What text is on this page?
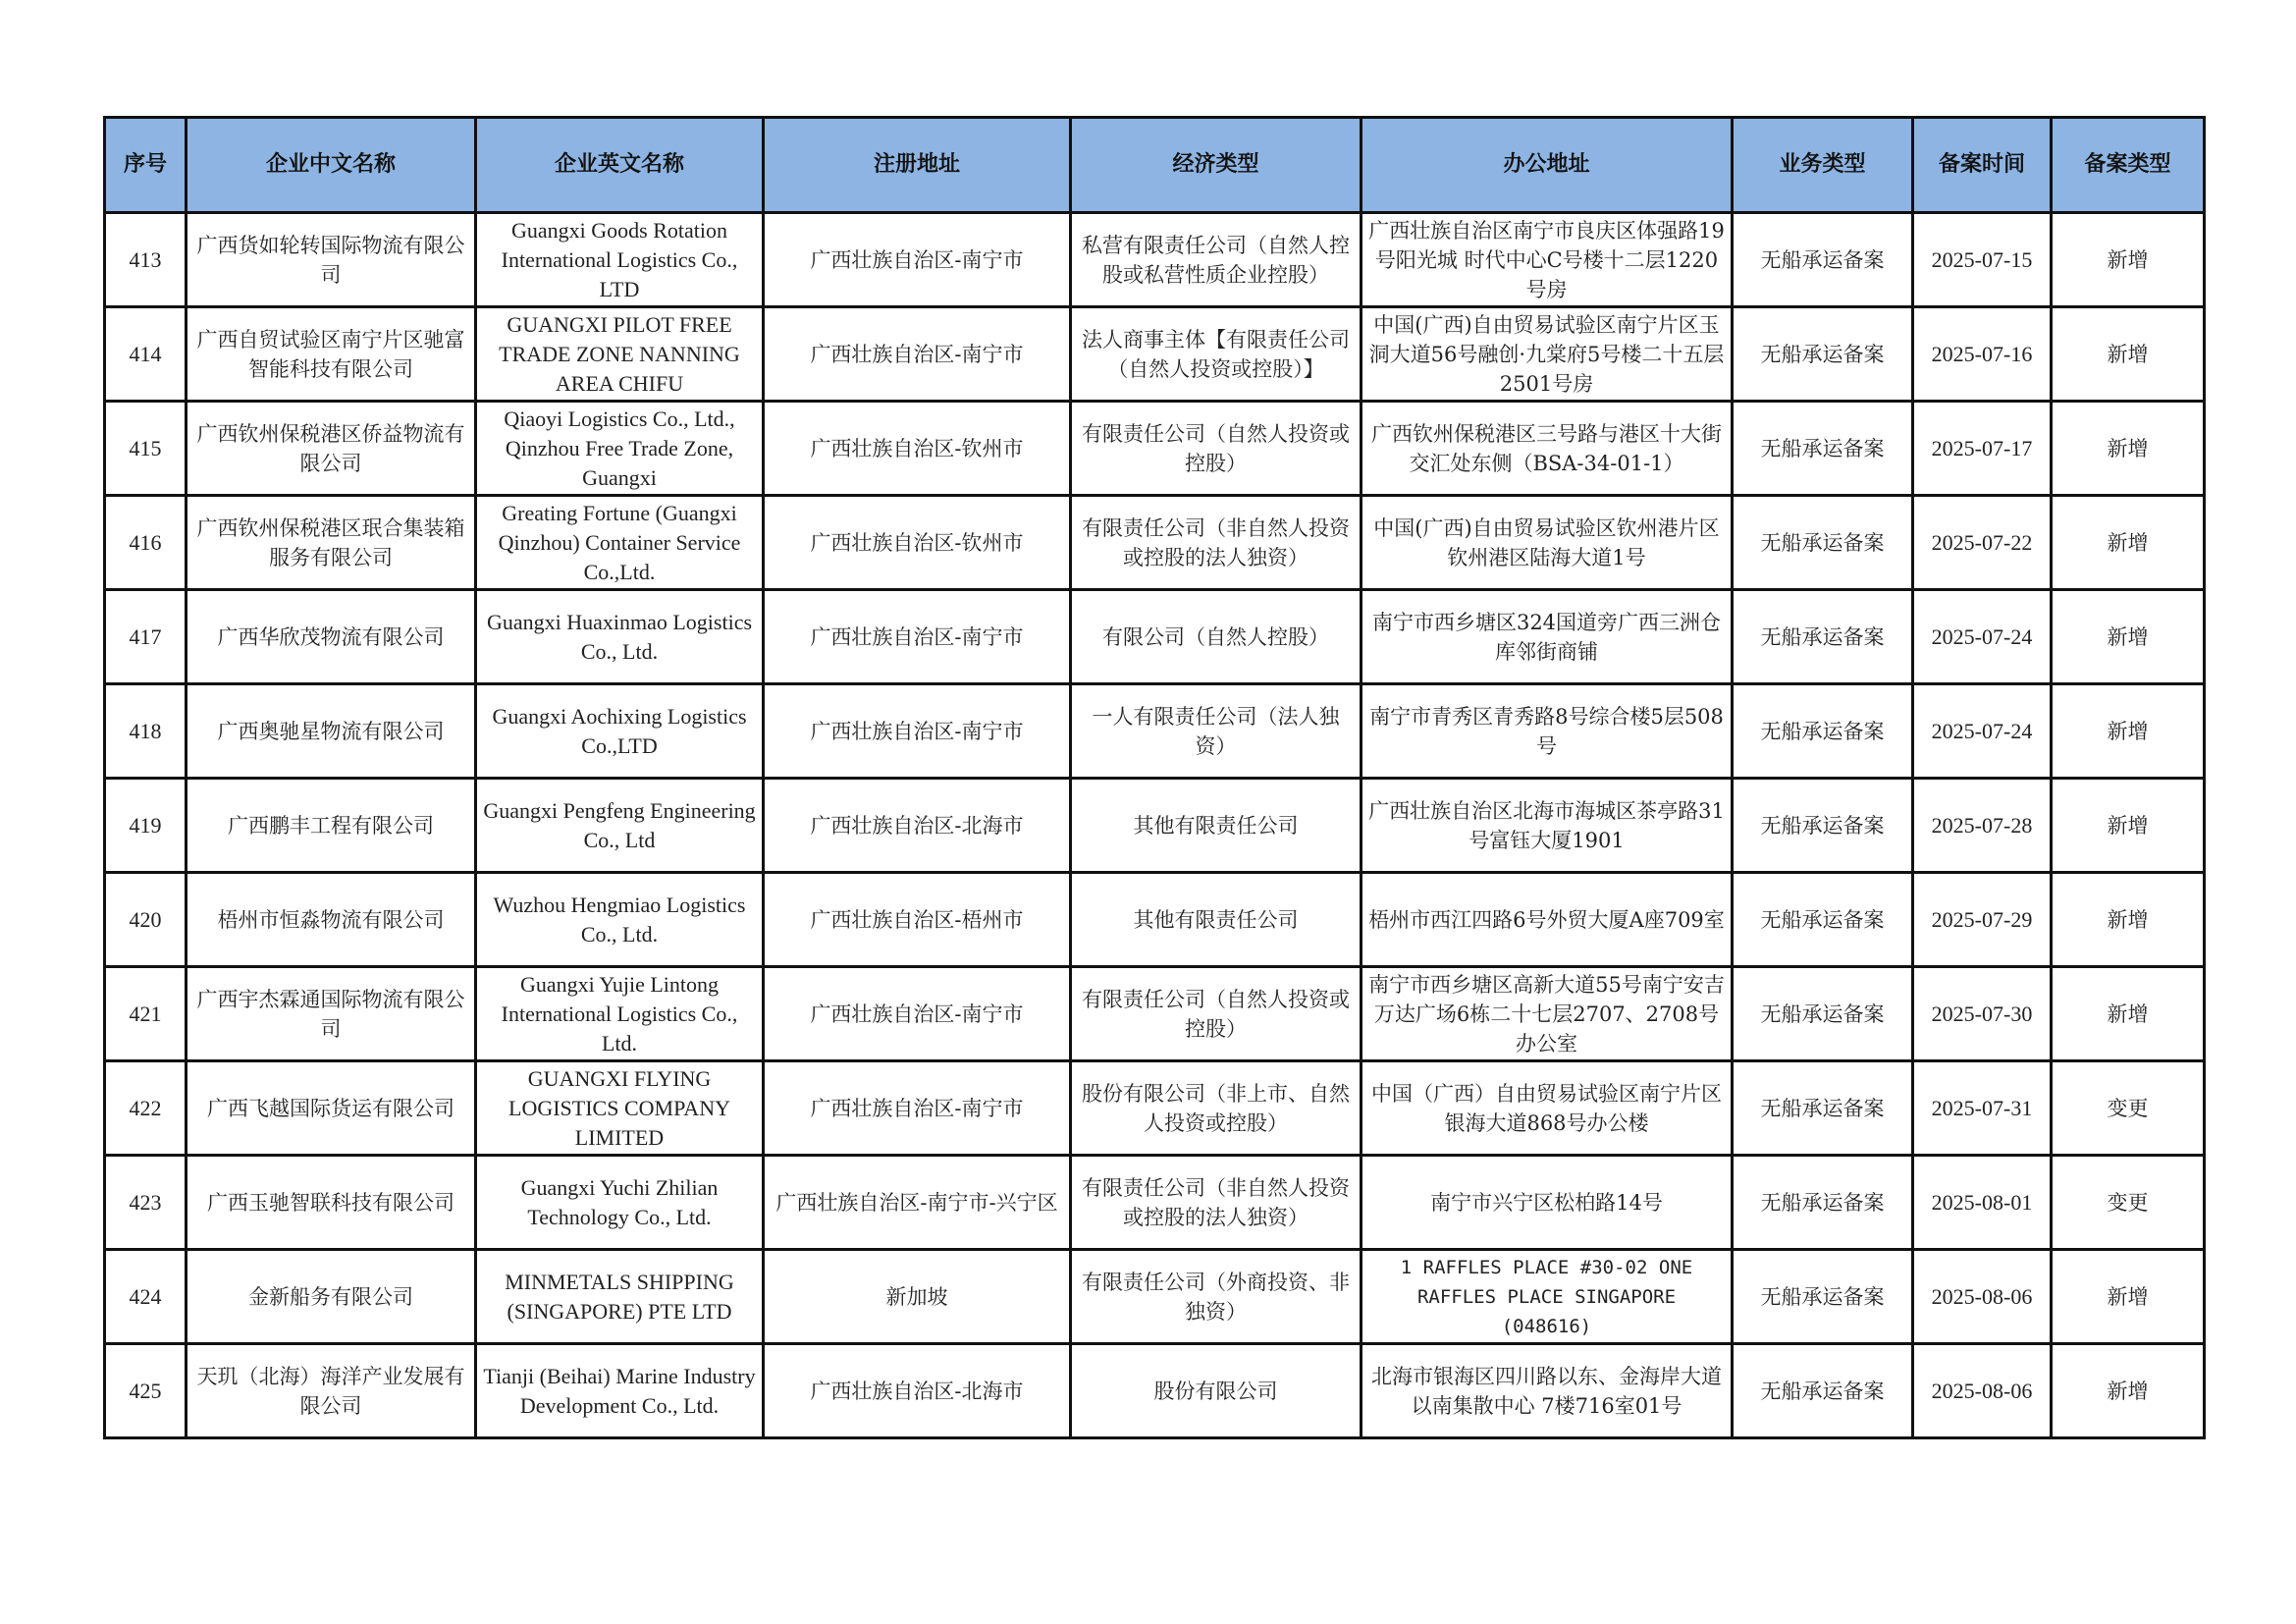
序号	企业中文名称	企业英文名称	注册地址	经济类型	办公地址	业务类型	备案时间	备案类型
413	广西货如轮转国际物流有限公司	Guangxi Goods Rotation International Logistics Co., LTD	广西壮族自治区-南宁市	私营有限责任公司（自然人控股或私营性质企业控股）	广西壮族自治区南宁市良庆区体强路19号阳光城 时代中心C号楼十二层1220号房	无船承运备案	2025-07-15	新增
414	广西自贸试验区南宁片区驰富智能科技有限公司	GUANGXI PILOT FREE TRADE ZONE NANNING AREA CHIFU	广西壮族自治区-南宁市	法人商事主体【有限责任公司（自然人投资或控股）】	中国(广西)自由贸易试验区南宁片区玉洞大道56号融创·九棠府5号楼二十五层2501号房	无船承运备案	2025-07-16	新增
415	广西钦州保税港区侨益物流有限公司	Qiaoyi Logistics Co., Ltd., Qinzhou Free Trade Zone, Guangxi	广西壮族自治区-钦州市	有限责任公司（自然人投资或控股）	广西钦州保税港区三号路与港区十大街交汇处东侧（BSA-34-01-1）	无船承运备案	2025-07-17	新增
416	广西钦州保税港区珉合集装箱服务有限公司	Greating Fortune (Guangxi Qinzhou) Container Service Co.,Ltd.	广西壮族自治区-钦州市	有限责任公司（非自然人投资或控股的法人独资）	中国(广西)自由贸易试验区钦州港片区钦州港区陆海大道1号	无船承运备案	2025-07-22	新增
417	广西华欣茂物流有限公司	Guangxi Huaxinmao Logistics Co., Ltd.	广西壮族自治区-南宁市	有限公司（自然人控股）	南宁市西乡塘区324国道旁广西三洲仓库邻街商铺	无船承运备案	2025-07-24	新增
418	广西奥驰星物流有限公司	Guangxi Aochixing Logistics Co.,LTD	广西壮族自治区-南宁市	一人有限责任公司（法人独资）	南宁市青秀区青秀路8号综合楼5层508号	无船承运备案	2025-07-24	新增
419	广西鹏丰工程有限公司	Guangxi Pengfeng Engineering Co., Ltd	广西壮族自治区-北海市	其他有限责任公司	广西壮族自治区北海市海城区茶亭路31号富钰大厦1901	无船承运备案	2025-07-28	新增
420	梧州市恒淼物流有限公司	Wuzhou Hengmiao Logistics Co., Ltd.	广西壮族自治区-梧州市	其他有限责任公司	梧州市西江四路6号外贸大厦A座709室	无船承运备案	2025-07-29	新增
421	广西宇杰霖通国际物流有限公司	Guangxi Yujie Lintong International Logistics Co., Ltd.	广西壮族自治区-南宁市	有限责任公司（自然人投资或控股）	南宁市西乡塘区高新大道55号南宁安吉万达广场6栋二十七层2707、2708号办公室	无船承运备案	2025-07-30	新增
422	广西飞越国际货运有限公司	GUANGXI FLYING LOGISTICS COMPANY LIMITED	广西壮族自治区-南宁市	股份有限公司（非上市、自然人投资或控股）	中国（广西）自由贸易试验区南宁片区银海大道868号办公楼	无船承运备案	2025-07-31	变更
423	广西玉驰智联科技有限公司	Guangxi Yuchi Zhilian Technology Co., Ltd.	广西壮族自治区-南宁市-兴宁区	有限责任公司（非自然人投资或控股的法人独资）	南宁市兴宁区松柏路14号	无船承运备案	2025-08-01	变更
424	金新船务有限公司	MINMETALS SHIPPING (SINGAPORE) PTE LTD	新加坡	有限责任公司（外商投资、非独资）	1 RAFFLES PLACE #30-02 ONE RAFFLES PLACE SINGAPORE (048616)	无船承运备案	2025-08-06	新增
425	天玑（北海）海洋产业发展有限公司	Tianji (Beihai) Marine Industry Development Co., Ltd.	广西壮族自治区-北海市	股份有限公司	北海市银海区四川路以东、金海岸大道以南集散中心 7楼716室01号	无船承运备案	2025-08-06	新增
